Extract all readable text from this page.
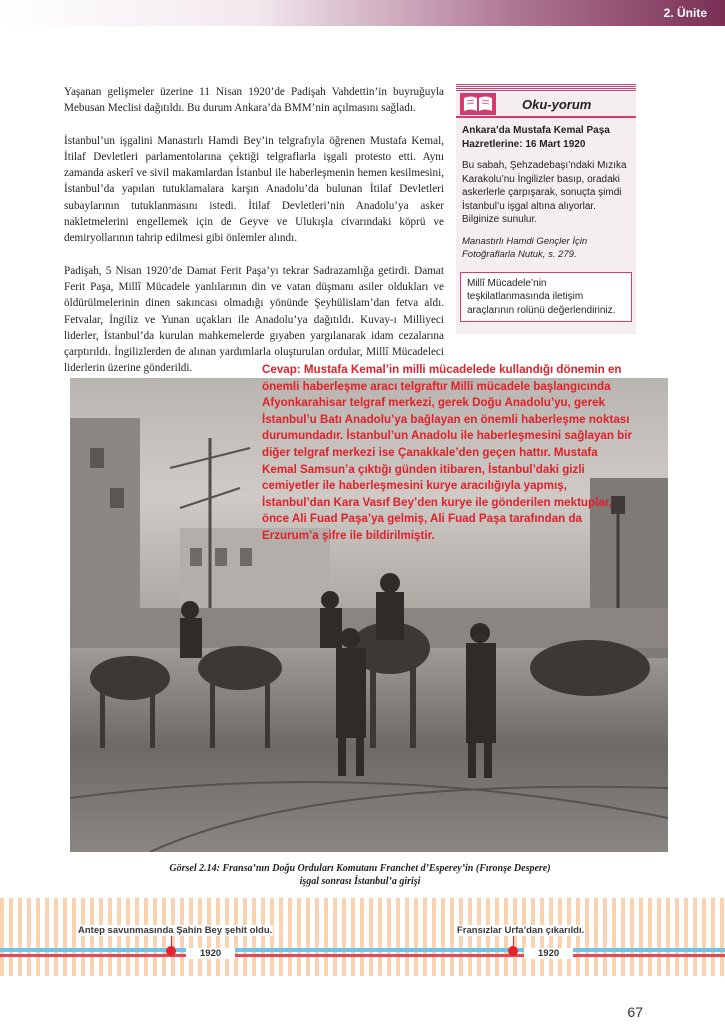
2. Ünite

Yaşanan gelişmeler üzerine 11 Nisan 1920’de Padişah Vahdettin’in buyruğuyla Mebusan Meclisi dağıtıldı. Bu durum Ankara’da BMM’nin açılmasını sağladı.

İstanbul’un işgalini Manastırlı Hamdi Bey’in telgrafıyla öğrenen Mustafa Kemal, İtilaf Devletleri parlamentolarına çektiği telgraflarla işgali protesto etti. Aynı zamanda askerî ve sivil makamlardan İstanbul ile haberleşmenin hemen kesilmesini, İstanbul’da yapılan tutuklamalara karşın Anadolu’da bulunan İtilaf Devletleri subaylarının tutuklanmasını istedi. İtilaf Devletleri’nin Anadolu’ya asker nakletmelerini engellemek için de Geyve ve Ulukışla civarındaki köprü ve demiryollarının tahrip edilmesi gibi önlemler alındı.

Padişah, 5 Nisan 1920’de Damat Ferit Paşa’yı tekrar Sadrazamlığa getirdi. Damat Ferit Paşa, Millî Mücadele yanlılarının din ve vatan düşmanı asiler oldukları ve öldürülmelerinin dinen sakıncası olmadığı yönünde Şeyhülislam’dan fetva aldı. Fetvalar, İngiliz ve Yunan uçakları ile Anadolu’ya dağıtıldı. Kuvay-ı Milliyeci liderler, İstanbul’da kurulan mahkemelerde gıyaben yargılanarak idam cezalarına çarptırıldı. İngilizlerden de alınan yardımlarla oluşturulan ordular, Millî Mücadeleci liderlerin üzerine gönderildi.

Oku-yorum
Ankara’da Mustafa Kemal Paşa Hazretlerine: 16 Mart 1920
Bu sabah, Şehzadebaşı’ndaki Mızıka Karakolu’nu İngilizler basıp, oradaki askerlerle çarpışarak, sonuçta şimdi İstanbul’u işgal altına alıyorlar. Bilginize sunulur.
Manastırlı Hamdi Gençler İçin Fotoğraflarla Nutuk, s. 279.
Millî Mücadele’nin teşkilatlanmasında iletişim araçlarının rolünü değerlendiriniz.
Cevap: Mustafa Kemal’in milli mücadelede kullandığı dönemin en önemli haberleşme aracı telgraftır Milli mücadele başlangıcında Afyonkarahisar telgraf merkezi, gerek Doğu Anadolu’yu, gerek İstanbul’u Batı Anadolu’ya bağlayan en önemli haberleşme noktası durumundadır. İstanbul’un Anadolu ile haberleşmesini sağlayan bir diğer telgraf merkezi ise Çanakkale’den geçen hattır. Mustafa Kemal Samsun’a çıktığı günden itibaren, İstanbul’daki gizli cemiyetler ile haberleşmesini kurye aracılığıyla yapmış, İstanbul’dan Kara Vasıf Bey’den kurye ile gönderilen mektuplar, önce Ali Fuad Paşa’ya gelmiş, Ali Fuad Paşa tarafından da Erzurum’a şifre ile bildirilmiştir.
Görsel 2.14: Fransa’nın Doğu Orduları Komutanı Franchet d’Esperey’in (Fıronşe Despere)
işgal sonrası İstanbul’a girişi
Antep savunmasında Şahin Bey şehit oldu.	Fransızlar Urfa’dan çıkarıldı.
1920	1920
67
